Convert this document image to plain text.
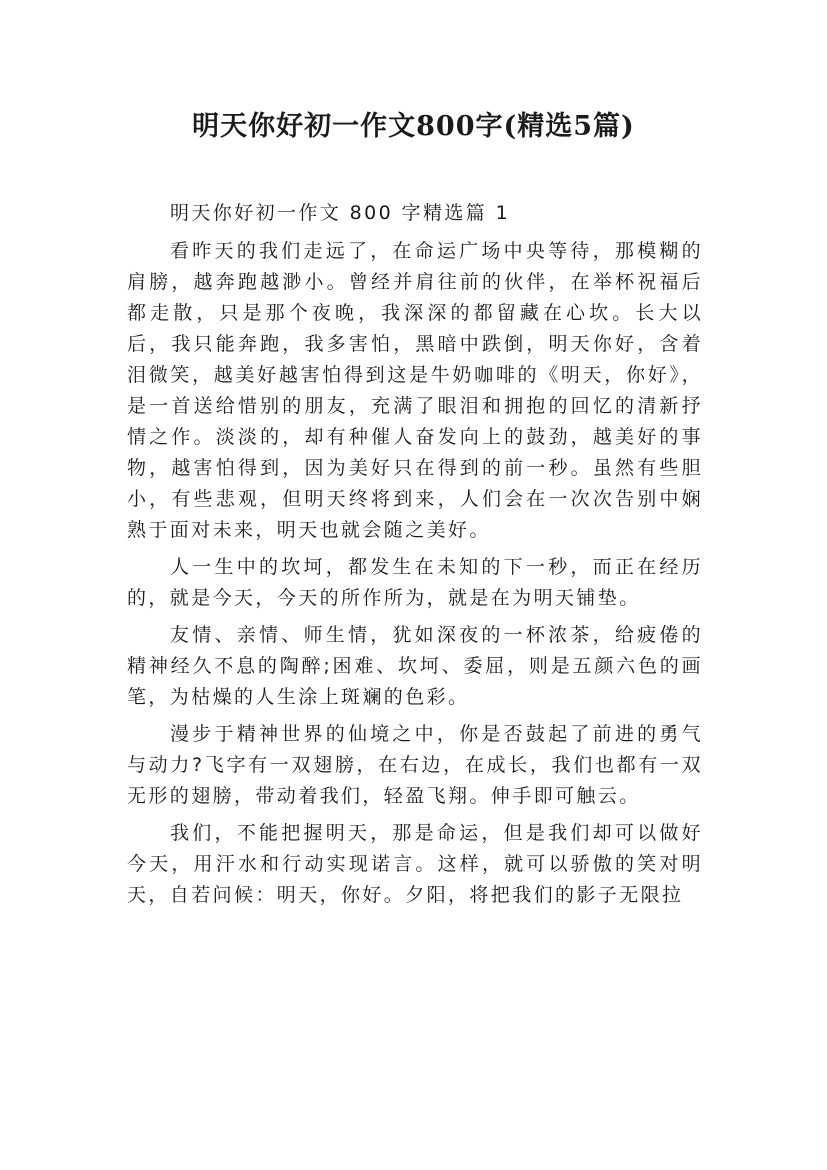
明天你好初一作文800字(精选5篇)

明天你好初一作文 800 字精选篇 1

看昨天的我们走远了，在命运广场中央等待，那模糊的肩膀，越奔跑越渺小。曾经并肩往前的伙伴，在举杯祝福后都走散，只是那个夜晚，我深深的都留藏在心坎。长大以后，我只能奔跑，我多害怕，黑暗中跌倒，明天你好，含着泪微笑，越美好越害怕得到这是牛奶咖啡的《明天，你好》，是一首送给惜别的朋友，充满了眼泪和拥抱的回忆的清新抒情之作。淡淡的，却有种催人奋发向上的鼓劲，越美好的事物，越害怕得到，因为美好只在得到的前一秒。虽然有些胆小，有些悲观，但明天终将到来，人们会在一次次告别中娴熟于面对未来，明天也就会随之美好。

人一生中的坎坷，都发生在未知的下一秒，而正在经历的，就是今天，今天的所作所为，就是在为明天铺垫。

友情、亲情、师生情，犹如深夜的一杯浓茶，给疲倦的精神经久不息的陶醉;困难、坎坷、委屈，则是五颜六色的画笔，为枯燥的人生涂上斑斓的色彩。

漫步于精神世界的仙境之中，你是否鼓起了前进的勇气与动力?飞字有一双翅膀，在右边，在成长，我们也都有一双无形的翅膀，带动着我们，轻盈飞翔。伸手即可触云。

我们，不能把握明天，那是命运，但是我们却可以做好今天，用汗水和行动实现诺言。这样，就可以骄傲的笑对明天，自若问候：明天，你好。夕阳，将把我们的影子无限拉
